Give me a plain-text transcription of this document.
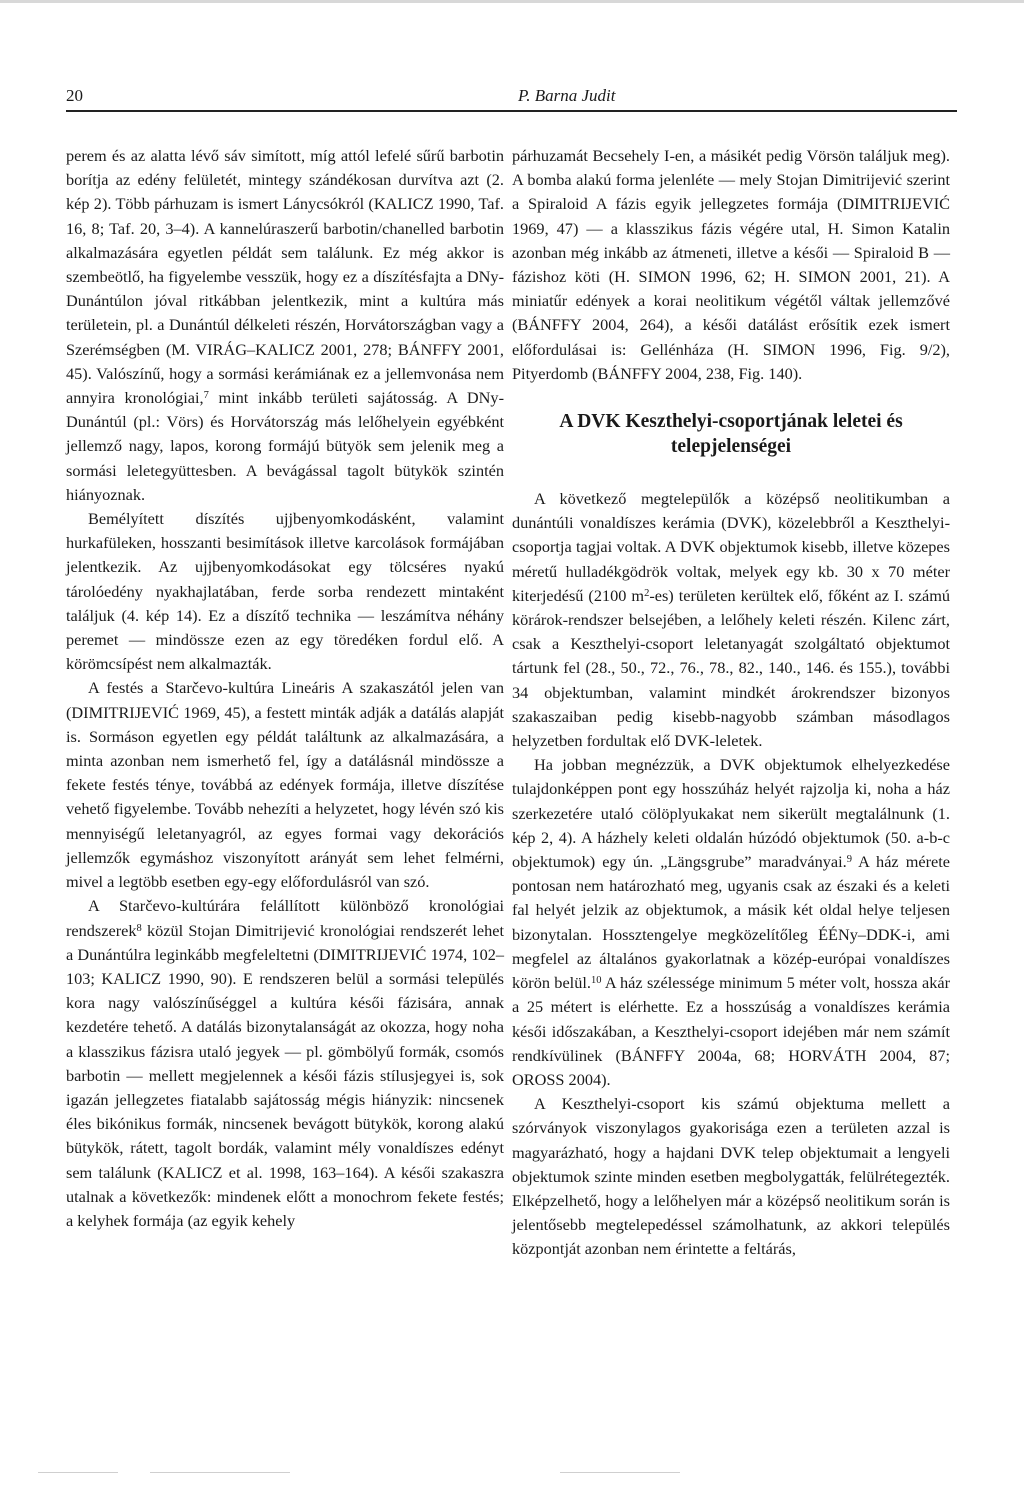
20	P. Barna Judit

perem és az alatta lévő sáv simított, míg attól lefelé sűrű barbotin borítja az edény felületét, mintegy szándékosan durvítva azt (2. kép 2). Több párhuzam is ismert Lánycsókról (KALICZ 1990, Taf. 16, 8; Taf. 20, 3–4). A kannelúraszerű barbotin/chanelled barbotin alkalmazására egyetlen példát sem találunk. Ez még akkor is szembeötlő, ha figyelembe vesszük, hogy ez a díszítésfajta a DNy-Dunántúlon jóval ritkábban jelentkezik, mint a kultúra más területein, pl. a Dunántúl délkeleti részén, Horvátországban vagy a Szerémségben (M. VIRÁG–KALICZ 2001, 278; BÁNFFY 2001, 45). Valószínű, hogy a sormási kerámiának ez a jellemvonása nem annyira kronológiai,$^7$ mint inkább területi sajátosság. A DNy-Dunántúl (pl.: Vörs) és Horvátország más lelőhelyein egyébként jellemző nagy, lapos, korong formájú bütyök sem jelenik meg a sormási leletegyüttesben. A bevágással tagolt bütykök szintén hiányoznak.

Bemélyített díszítés ujjbenyomkodásként, valamint hurkafüleken, hosszanti besimítások illetve karcolások formájában jelentkezik. Az ujjbenyomkodásokat egy tölcséres nyakú tárolóedény nyakhajlatában, ferde sorba rendezett mintaként találjuk (4. kép 14). Ez a díszítő technika — leszámítva néhány peremet — mindössze ezen az egy töredéken fordul elő. A körömcsípést nem alkalmazták.

A festés a Starčevo-kultúra Lineáris A szakaszától jelen van (DIMITRIJEVIĆ 1969, 45), a festett minták adják a datálás alapját is. Sormáson egyetlen egy példát találtunk az alkalmazására, a minta azonban nem ismerhető fel, így a datálásnál mindössze a fekete festés ténye, továbbá az edények formája, illetve díszítése vehető figyelembe. Tovább nehezíti a helyzetet, hogy lévén szó kis mennyiségű leletanyagról, az egyes formai vagy dekorációs jellemzők egymáshoz viszonyított arányát sem lehet felmérni, mivel a legtöbb esetben egy-egy előfordulásról van szó.

A Starčevo-kultúrára felállított különböző kronológiai rendszerek$^8$ közül Stojan Dimitrijević kronológiai rendszerét lehet a Dunántúlra leginkább megfeleltetni (DIMITRIJEVIĆ 1974, 102–103; KALICZ 1990, 90). E rendszeren belül a sormási település kora nagy valószínűséggel a kultúra késői fázisára, annak kezdetére tehető. A datálás bizonytalanságát az okozza, hogy noha a klasszikus fázisra utaló jegyek — pl. gömbölyű formák, csomós barbotin — mellett megjelennek a késői fázis stílusjegyei is, sok igazán jellegzetes fiatalabb sajátosság mégis hiányzik: nincsenek éles bikónikus formák, nincsenek bevágott bütykök, korong alakú bütykök, rátett, tagolt bordák, valamint mély vonaldíszes edényt sem találunk (KALICZ et al. 1998, 163–164). A késői szakaszra utalnak a következők: mindenek előtt a monochrom fekete festés; a kelyhek formája (az egyik kehely

párhuzamát Becsehely I-en, a másikét pedig Vörsön találjuk meg). A bomba alakú forma jelenléte — mely Stojan Dimitrijević szerint a Spiraloid A fázis egyik jellegzetes formája (DIMITRIJEVIĆ 1969, 47) — a klasszikus fázis végére utal, H. Simon Katalin azonban még inkább az átmeneti, illetve a késői — Spiraloid B — fázishoz köti (H. SIMON 1996, 62; H. SIMON 2001, 21). A miniatűr edények a korai neolitikum végétől váltak jellemzővé (BÁNFFY 2004, 264), a késői datálást erősítik ezek ismert előfordulásai is: Gellénháza (H. SIMON 1996, Fig. 9/2), Pityerdomb (BÁNFFY 2004, 238, Fig. 140).

A DVK Keszthelyi-csoportjának leletei és telepjelenségei

A következő megtelepülők a középső neolitikumban a dunántúli vonaldíszes kerámia (DVK), közelebbről a Keszthelyi-csoportja tagjai voltak. A DVK objektumok kisebb, illetve közepes méretű hulladékgödrök voltak, melyek egy kb. 30 x 70 méter kiterjedésű (2100 m$^2$-es) területen kerültek elő, főként az I. számú körárok-rendszer belsejében, a lelőhely keleti részén. Kilenc zárt, csak a Keszthelyi-csoport leletanyagát szolgáltató objektumot tártunk fel (28., 50., 72., 76., 78., 82., 140., 146. és 155.), további 34 objektumban, valamint mindkét árokrendszer bizonyos szakaszaiban pedig kisebb-nagyobb számban másodlagos helyzetben fordultak elő DVK-leletek.

Ha jobban megnézzük, a DVK objektumok elhelyezkedése tulajdonképpen pont egy hosszúház helyét rajzolja ki, noha a ház szerkezetére utaló cölöplyukakat nem sikerült megtalálnunk (1. kép 2, 4). A házhely keleti oldalán húzódó objektumok (50. a-b-c objektumok) egy ún. „Längsgrube” maradványai.$^9$ A ház mérete pontosan nem határozható meg, ugyanis csak az északi és a keleti fal helyét jelzik az objektumok, a másik két oldal helye teljesen bizonytalan. Hossztengelye megközelítőleg ÉÉNy–DDK-i, ami megfelel az általános gyakorlatnak a közép-európai vonaldíszes körön belül.$^{10}$ A ház szélessége minimum 5 méter volt, hossza akár a 25 métert is elérhette. Ez a hosszúság a vonaldíszes kerámia késői időszakában, a Keszthelyi-csoport idejében már nem számít rendkívülinek (BÁNFFY 2004a, 68; HORVÁTH 2004, 87; OROSS 2004).

A Keszthelyi-csoport kis számú objektuma mellett a szórványok viszonylagos gyakorisága ezen a területen azzal is magyarázható, hogy a hajdani DVK telep objektumait a lengyeli objektumok szinte minden esetben megbolygatták, felülrétegezték. Elképzelhető, hogy a lelőhelyen már a középső neolitikum során is jelentősebb megtelepedéssel számolhatunk, az akkori település központját azonban nem érintette a feltárás,
